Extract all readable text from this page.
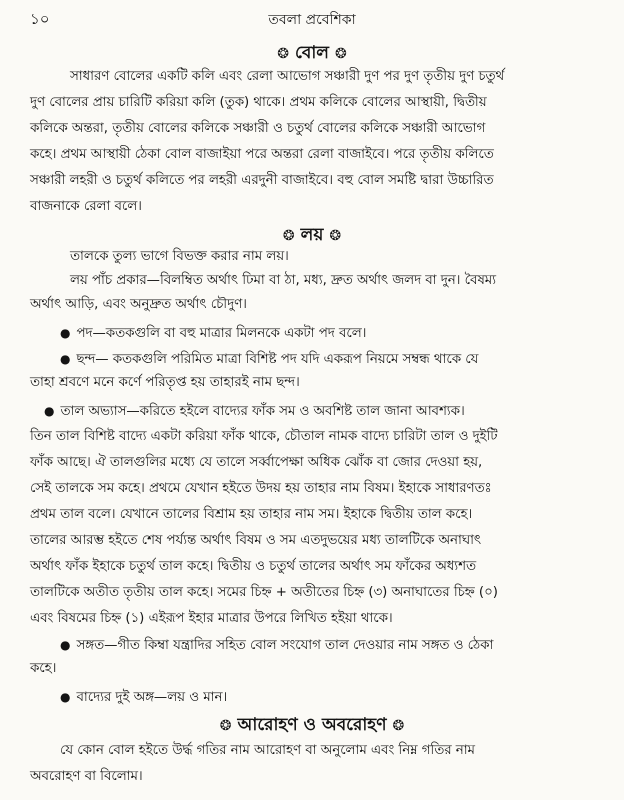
১০	তবলা প্রবেশিকা
❂ বোল ❂
সাধারণ বোলের একটি কলি এবং রেলা আভোগ সঞ্চারী দুণ পর দুণ তৃতীয় দুণ চতুর্থ
দুণ বোলের প্রায় চারিটি করিয়া কলি (তুক) থাকে। প্রথম কলিকে বোলের আস্থায়ী, দ্বিতীয়
কলিকে অন্তরা, তৃতীয় বোলের কলিকে সঞ্চারী ও চতুর্থ বোলের কলিকে সঞ্চারী আভোগ
কহে। প্রথম আস্থায়ী ঠেকা বোল বাজাইয়া পরে অন্তরা রেলা বাজাইবে। পরে তৃতীয় কলিতে
সঞ্চারী লহরী ও চতুর্থ কলিতে পর লহরী এরদুনী বাজাইবে। বহু বোল সমষ্টি দ্বারা উচ্চারিত
বাজনাকে রেলা বলে।
❂ লয় ❂
তালকে তুল্য ভাগে বিভক্ত করার নাম লয়।
লয় পাঁচ প্রকার—বিলম্বিত অর্থাৎ ঢিমা বা ঠা, মধ্য, দ্রুত অর্থাৎ জলদ বা দুন। বৈষম্য
অর্থাৎ আড়ি, এবং অনুদ্রুত অর্থাৎ চৌদুণ।
● পদ—কতকগুলি বা বহু মাত্রার মিলনকে একটা পদ বলে।
● ছন্দ— কতকগুলি পরিমিত মাত্রা বিশিষ্ট পদ যদি একরূপ নিয়মে সম্বন্ধ থাকে যে
তাহা শ্রবণে মনে কর্ণে পরিতৃপ্ত হয় তাহারই নাম ছন্দ।
● তাল অভ্যাস—করিতে হইলে বাদ্যের ফাঁক সম ও অবশিষ্ট তাল জানা আবশ্যক।
তিন তাল বিশিষ্ট বাদ্যে একটা করিয়া ফাঁক থাকে, চৌতাল নামক বাদ্যে চারিটা তাল ও দুইটি
ফাঁক আছে। ঐ তালগুলির মধ্যে যে তালে সর্ব্বাপেক্ষা অধিক ঝোঁক বা জোর দেওয়া হয়,
সেই তালকে সম কহে। প্রথমে যেখান হইতে উদয় হয় তাহার নাম বিষম। ইহাকে সাধারণতঃ
প্রথম তাল বলে। যেখানে তালের বিশ্রাম হয় তাহার নাম সম। ইহাকে দ্বিতীয় তাল কহে।
তালের আরম্ভ হইতে শেষ পর্য্যন্ত অর্থাৎ বিষম ও সম এতদুভয়ের মধ্য তালটিকে অনাঘাৎ
অর্থাৎ ফাঁক ইহাকে চতুর্থ তাল কহে। দ্বিতীয় ও চতুর্থ তালের অর্থাৎ সম ফাঁকের অধ্যশত
তালটিকে অতীত তৃতীয় তাল কহে। সমের চিহ্ন + অতীতের চিহ্ন (৩) অনাঘাতের চিহ্ন (০)
এবং বিষমের চিহ্ন (১) এইরূপ ইহার মাত্রার উপরে লিখিত হইয়া থাকে।
● সঙ্গত—গীত কিম্বা যন্ত্রাদির সহিত বোল সংযোগ তাল দেওয়ার নাম সঙ্গত ও ঠেকা
কহে।
● বাদ্যের দুই অঙ্গ—লয় ও মান।
❂ আরোহণ ও অবরোহণ ❂
যে কোন বোল হইতে উর্দ্ধ গতির নাম আরোহণ বা অনুলোম এবং নিম্ন গতির নাম
অবরোহণ বা বিলোম।
